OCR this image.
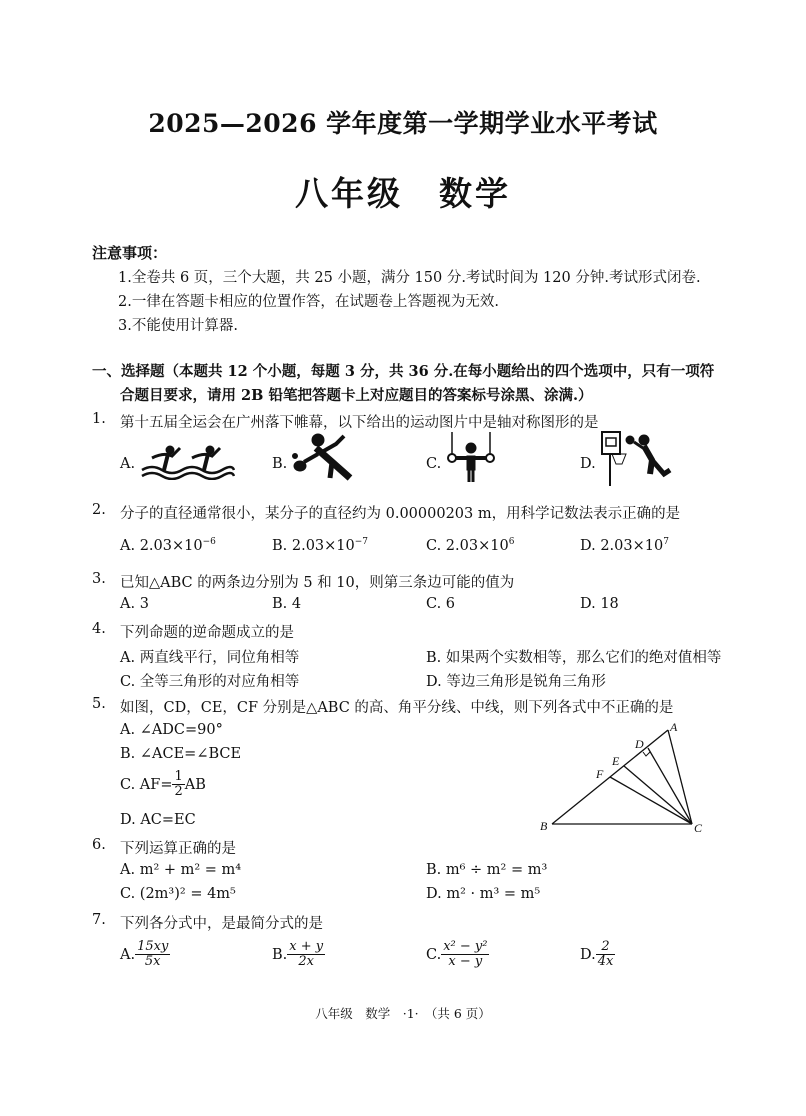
2025—2026 学年度第一学期学业水平考试
八年级　数学
注意事项：
1.全卷共 6 页，三个大题，共 25 小题，满分 150 分.考试时间为 120 分钟.考试形式闭卷.
2.一律在答题卡相应的位置作答，在试题卷上答题视为无效.
3.不能使用计算器.
一、选择题（本题共 12 个小题，每题 3 分，共 36 分.在每小题给出的四个选项中，只有一项符
合题目要求，请用 2B 铅笔把答题卡上对应题目的答案标号涂黑、涂满.）
1. 第十五届全运会在广州落下帷幕，以下给出的运动图片中是轴对称图形的是
A.	B.	C.	D.
2. 分子的直径通常很小，某分子的直径约为 0.00000203 m，用科学记数法表示正确的是
A. $2.03\times 10^{-6}$	B. $2.03\times 10^{-7}$	C. $2.03\times 10^6$	D. $2.03\times 10^7$
3. 已知△ABC 的两条边分别为 5 和 10，则第三条边可能的值为
A. 3	B. 4	C. 6	D. 18
4. 下列命题的逆命题成立的是
A. 两直线平行，同位角相等	B. 如果两个实数相等，那么它们的绝对值相等
C. 全等三角形的对应角相等	D. 等边三角形是锐角三角形
5. 如图，CD，CE，CF 分别是△ABC 的高、角平分线、中线，则下列各式中不正确的是
A. ∠ADC=90°
B. ∠ACE=∠BCE
C. $AF= \frac{1}{2}$ AB
D. AC=EC
A
B	C
D
E
F
6. 下列运算正确的是
A. m² + m² = m⁴	B. m⁶ ÷ m² = m³
C. (2m³)² = 4m⁵	D. m² · m³ = m⁵
7. 下列各分式中，是最简分式的是
A. $\frac{15xy}{5x}$	B. $\frac{x + y}{2x}$	C. $\frac{\text{x² − y²}}{x - y}$	D. $\frac{2}{4x}$
八年级　数学　·1·　（共 6 页）
